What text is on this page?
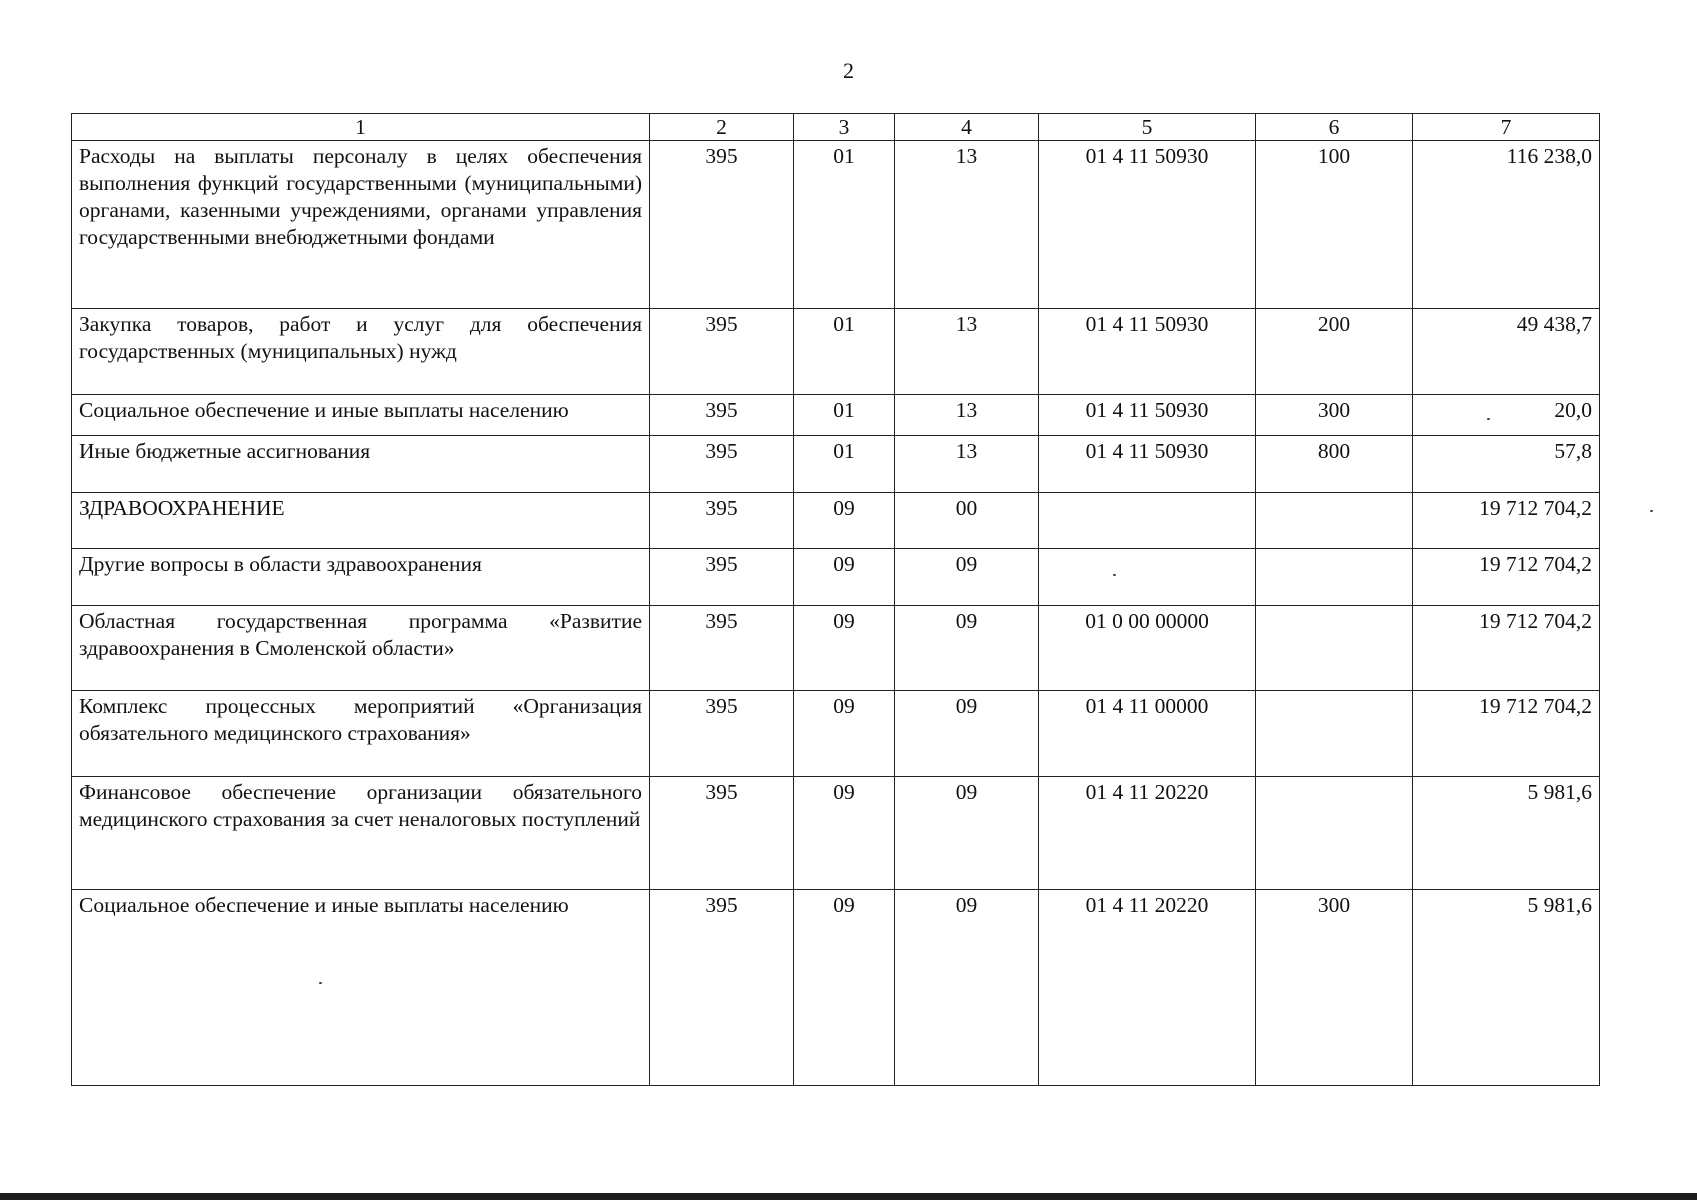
2
1	2	3	4	5	6	7
Расходы на выплаты персоналу в целях обеспечения выполнения функций государственными (муниципальными) органами, казенными учреждениями, органами управления государственными внебюджетными фондами	395	01	13	01 4 11 50930	100	116 238,0
Закупка товаров, работ и услуг для обеспечения государственных (муниципальных) нужд	395	01	13	01 4 11 50930	200	49 438,7
Социальное обеспечение и иные выплаты населению	395	01	13	01 4 11 50930	300	20,0
Иные бюджетные ассигнования	395	01	13	01 4 11 50930	800	57,8
ЗДРАВООХРАНЕНИЕ	395	09	00			19 712 704,2
Другие вопросы в области здравоохранения	395	09	09			19 712 704,2
Областная государственная программа «Развитие здравоохранения в Смоленской области»	395	09	09	01 0 00 00000		19 712 704,2
Комплекс процессных мероприятий «Организация обязательного медицинского страхования»	395	09	09	01 4 11 00000		19 712 704,2
Финансовое обеспечение организации обязательного медицинского страхования за счет неналоговых поступлений	395	09	09	01 4 11 20220		5 981,6
Социальное обеспечение и иные выплаты населению	395	09	09	01 4 11 20220	300	5 981,6
